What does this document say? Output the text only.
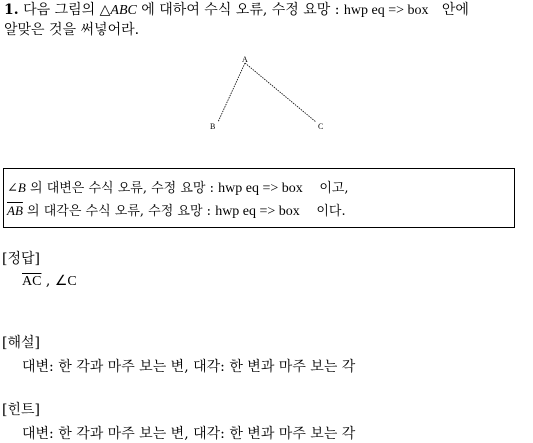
1. 다음 그림의 △ABC 에 대하여 수식 오류, 수정 요망 : hwp eq => box 안에
알맞은 것을 써넣어라.
A
B	C
∠B 의 대변은 수식 오류, 수정 요망 : hwp eq => box 이고,
$\overline{AB}$ 의 대각은 수식 오류, 수정 요망 : hwp eq => box 이다.
[정답]
$\overline{AC}$ , ∠C
[해설]
대변: 한 각과 마주 보는 변, 대각: 한 변과 마주 보는 각
[힌트]
대변: 한 각과 마주 보는 변, 대각: 한 변과 마주 보는 각
